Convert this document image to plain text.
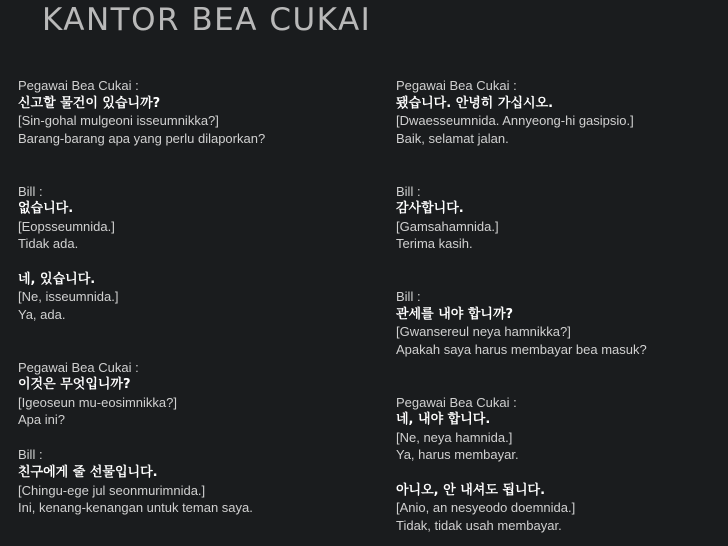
KANTOR BEA CUKAI
Pegawai Bea Cukai :
신고할 물건이 있습니까?
[Sin-gohal mulgeoni isseumnikka?]
Barang-barang apa yang perlu dilaporkan?
Bill :
없습니다.
[Eopsseumnida.]
Tidak ada.
네, 있습니다.
[Ne, isseumnida.]
Ya, ada.
Pegawai Bea Cukai :
이것은 무엇입니까?
[Igeoseun mu-eosimnikka?]
Apa ini?
Bill :
친구에게 줄 선물입니다.
[Chingu-ege jul seonmurimnida.]
Ini, kenang-kenangan untuk teman saya.
Pegawai Bea Cukai :
됐습니다. 안녕히 가십시오.
[Dwaesseumnida. Annyeong-hi gasipsio.]
Baik, selamat jalan.
Bill :
감사합니다.
[Gamsahamnida.]
Terima kasih.
Bill :
관세를 내야 합니까?
[Gwansereul neya hamnikka?]
Apakah saya harus membayar bea masuk?
Pegawai Bea Cukai :
네, 내야 합니다.
[Ne, neya hamnida.]
Ya, harus membayar.
아니오, 안 내셔도 됩니다.
[Anio, an nesyeodo doemnida.]
Tidak, tidak usah membayar.
